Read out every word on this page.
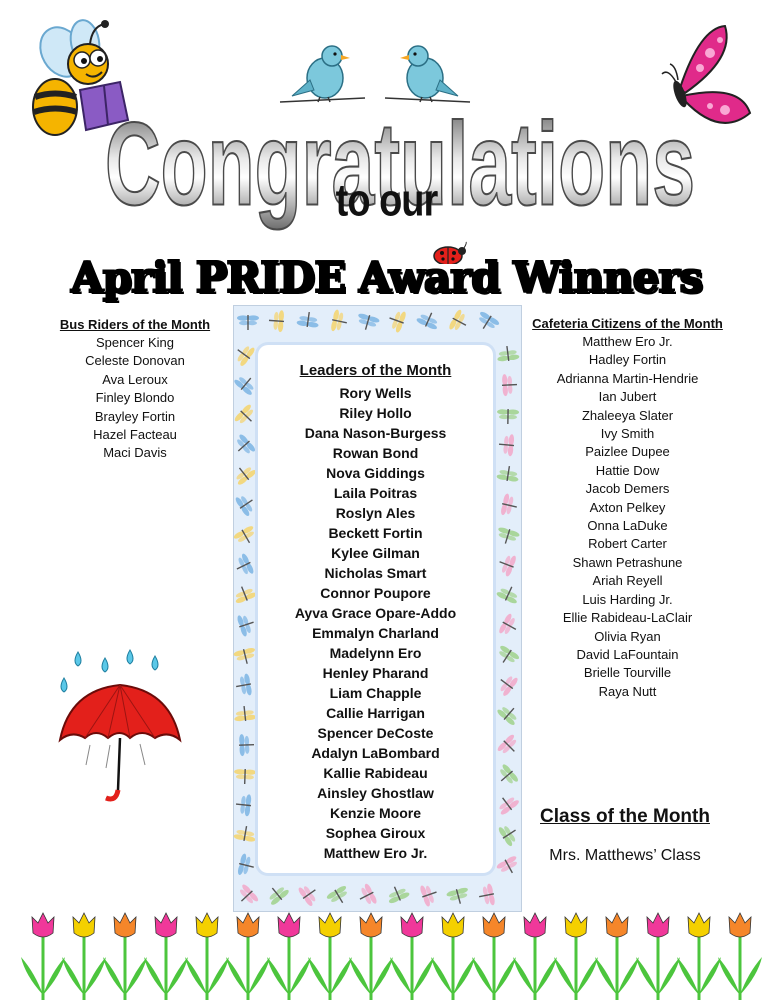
Congratulations
to our
April PRIDE Award Winners
Bus Riders of the Month
Spencer King
Celeste Donovan
Ava Leroux
Finley Blondo
Brayley Fortin
Hazel Facteau
Maci Davis
Leaders of the Month
Rory Wells
Riley Hollo
Dana Nason-Burgess
Rowan Bond
Nova Giddings
Laila Poitras
Roslyn Ales
Beckett Fortin
Kylee Gilman
Nicholas Smart
Connor Poupore
Ayva Grace Opare-Addo
Emmalyn Charland
Madelynn Ero
Henley Pharand
Liam Chapple
Callie Harrigan
Spencer DeCoste
Adalyn LaBombard
Kallie Rabideau
Ainsley Ghostlaw
Kenzie Moore
Sophea Giroux
Matthew Ero Jr.
Cafeteria Citizens of the Month
Matthew Ero Jr.
Hadley Fortin
Adrianna Martin-Hendrie
Ian Jubert
Zhaleeya Slater
Ivy Smith
Paizlee Dupee
Hattie Dow
Jacob Demers
Axton Pelkey
Onna LaDuke
Robert Carter
Shawn Petrashune
Ariah Reyell
Luis Harding Jr.
Ellie Rabideau-LaClair
Olivia Ryan
David LaFountain
Brielle Tourville
Raya Nutt
Class of the Month
Mrs. Matthews’ Class
